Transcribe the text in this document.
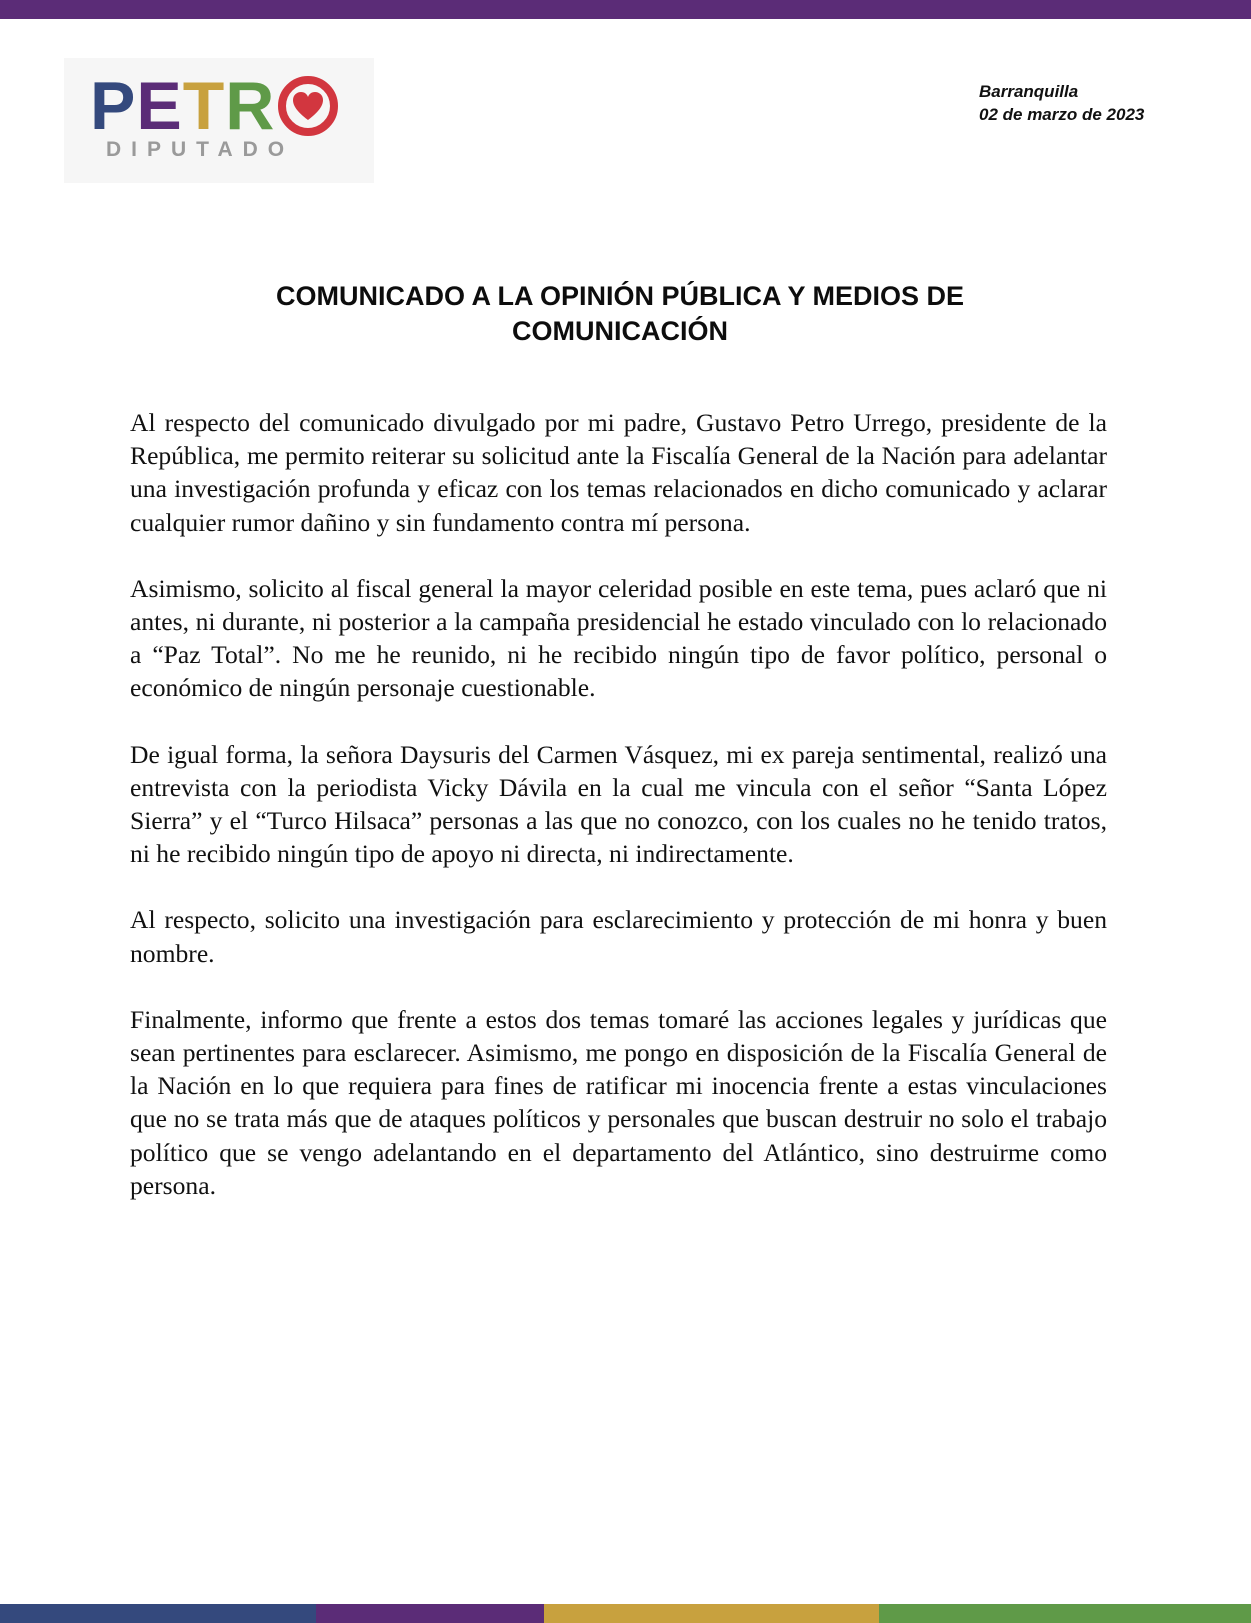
PETR
DIPUTADO
Barranquilla
02 de marzo de 2023
COMUNICADO A LA OPINIÓN PÚBLICA Y MEDIOS DE COMUNICACIÓN

Al respecto del comunicado divulgado por mi padre, Gustavo Petro Urrego, presidente de la República, me permito reiterar su solicitud ante la Fiscalía General de la Nación para adelantar una investigación profunda y eficaz con los temas relacionados en dicho comunicado y aclarar cualquier rumor dañino y sin fundamento contra mí persona.

Asimismo, solicito al fiscal general la mayor celeridad posible en este tema, pues aclaró que ni antes, ni durante, ni posterior a la campaña presidencial he estado vinculado con lo relacionado a “Paz Total”. No me he reunido, ni he recibido ningún tipo de favor político, personal o económico de ningún personaje cuestionable.

De igual forma, la señora Daysuris del Carmen Vásquez, mi ex pareja sentimental, realizó una entrevista con la periodista Vicky Dávila en la cual me vincula con el señor “Santa López Sierra” y el “Turco Hilsaca” personas a las que no conozco, con los cuales no he tenido tratos, ni he recibido ningún tipo de apoyo ni directa, ni indirectamente.

Al respecto, solicito una investigación para esclarecimiento y protección de mi honra y buen nombre.

Finalmente, informo que frente a estos dos temas tomaré las acciones legales y jurídicas que sean pertinentes para esclarecer. Asimismo, me pongo en disposición de la Fiscalía General de la Nación en lo que requiera para fines de ratificar mi inocencia frente a estas vinculaciones que no se trata más que de ataques políticos y personales que buscan destruir no solo el trabajo político que se vengo adelantando en el departamento del Atlántico, sino destruirme como persona.
